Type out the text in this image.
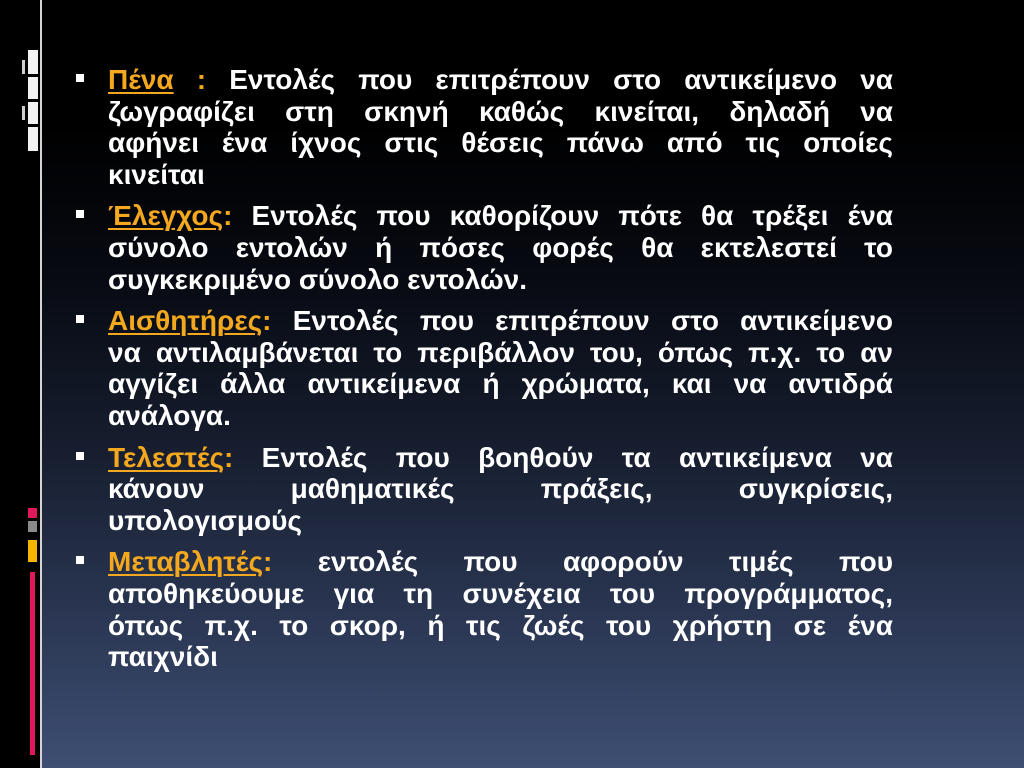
Πένα : Εντολές που επιτρέπουν στο αντικείμενο να
ζωγραφίζει στη σκηνή καθώς κινείται, δηλαδή να
αφήνει ένα ίχνος στις θέσεις πάνω από τις οποίες
κινείται
Έλεγχος: Εντολές που καθορίζουν πότε θα τρέξει ένα
σύνολο εντολών ή πόσες φορές θα εκτελεστεί το
συγκεκριμένο σύνολο εντολών.
Αισθητήρες: Εντολές που επιτρέπουν στο αντικείμενο
να αντιλαμβάνεται το περιβάλλον του, όπως π.χ. το αν
αγγίζει άλλα αντικείμενα ή χρώματα, και να αντιδρά
ανάλογα.
Τελεστές: Εντολές που βοηθούν τα αντικείμενα να
κάνουν μαθηματικές πράξεις, συγκρίσεις,
υπολογισμούς
Μεταβλητές: εντολές που αφορούν τιμές που
αποθηκεύουμε για τη συνέχεια του προγράμματος,
όπως π.χ. το σκορ, ή τις ζωές του χρήστη σε ένα
παιχνίδι
